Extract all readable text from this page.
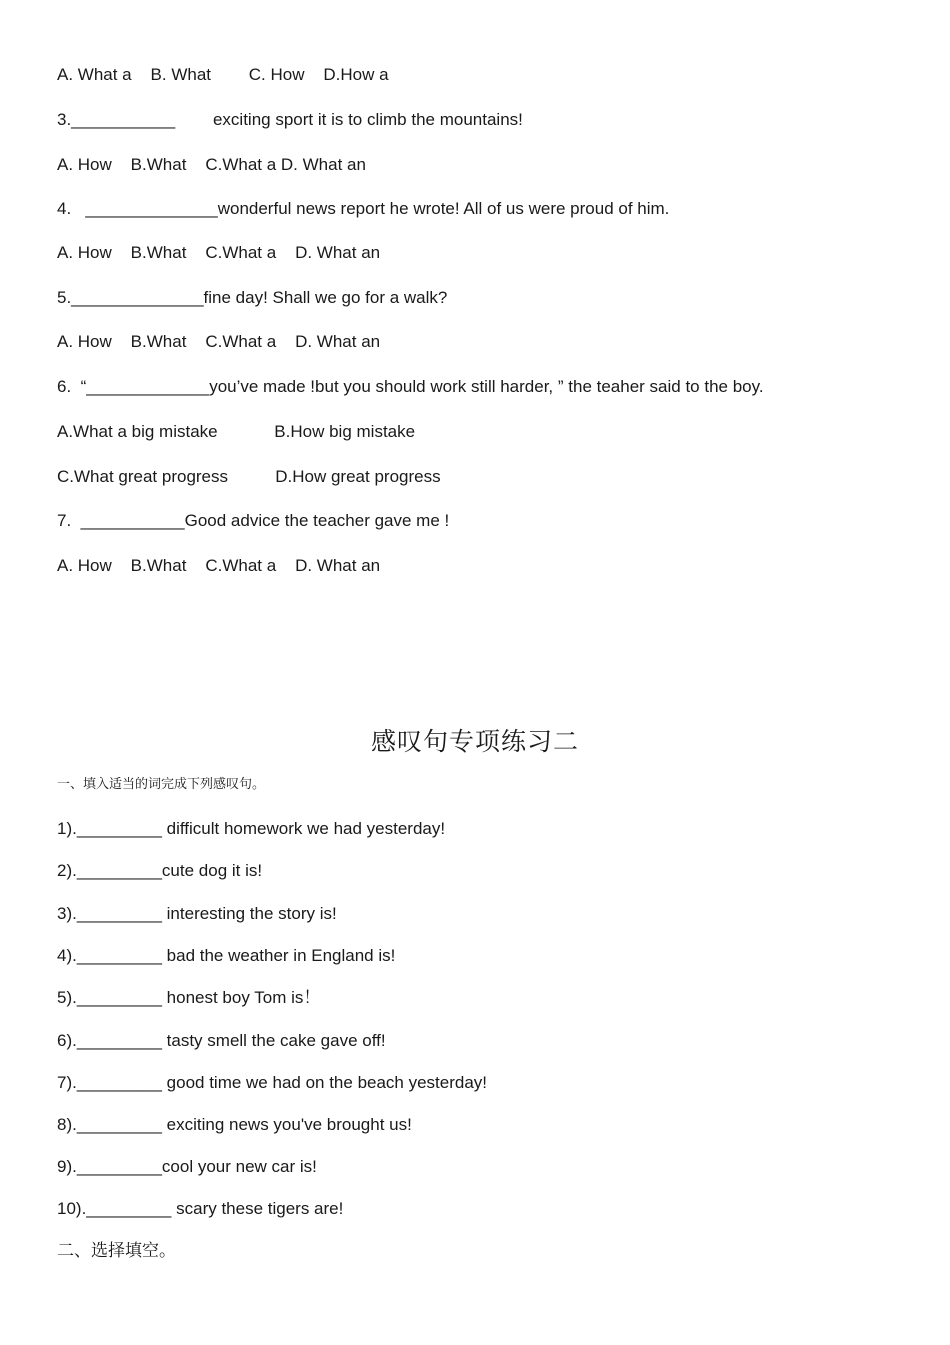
A. What a    B. What        C. How    D.How a
3.___________        exciting sport it is to climb the mountains!
A. How    B.What    C.What a D. What an
4.   ______________wonderful news report he wrote! All of us were proud of him.
A. How    B.What    C.What a    D. What an
5.______________fine day! Shall we go for a walk?
A. How    B.What    C.What a    D. What an
6.  “_____________you’ve made !but you should work still harder, ” the teaher said to the boy.
A.What a big mistake            B.How big mistake
C.What great progress          D.How great progress
7.  ___________Good advice the teacher gave me !
A. How    B.What    C.What a    D. What an
感叹句专项练习二
一、填入适当的词完成下列感叹句。
1)._________ difficult homework we had yesterday!
2)._________cute dog it is!
3)._________ interesting the story is!
4)._________ bad the weather in England is!
5)._________ honest boy Tom is！
6)._________ tasty smell the cake gave off!
7)._________ good time we had on the beach yesterday!
8)._________ exciting news you've brought us!
9)._________cool your new car is!
10)._________ scary these tigers are!
二、选择填空。
